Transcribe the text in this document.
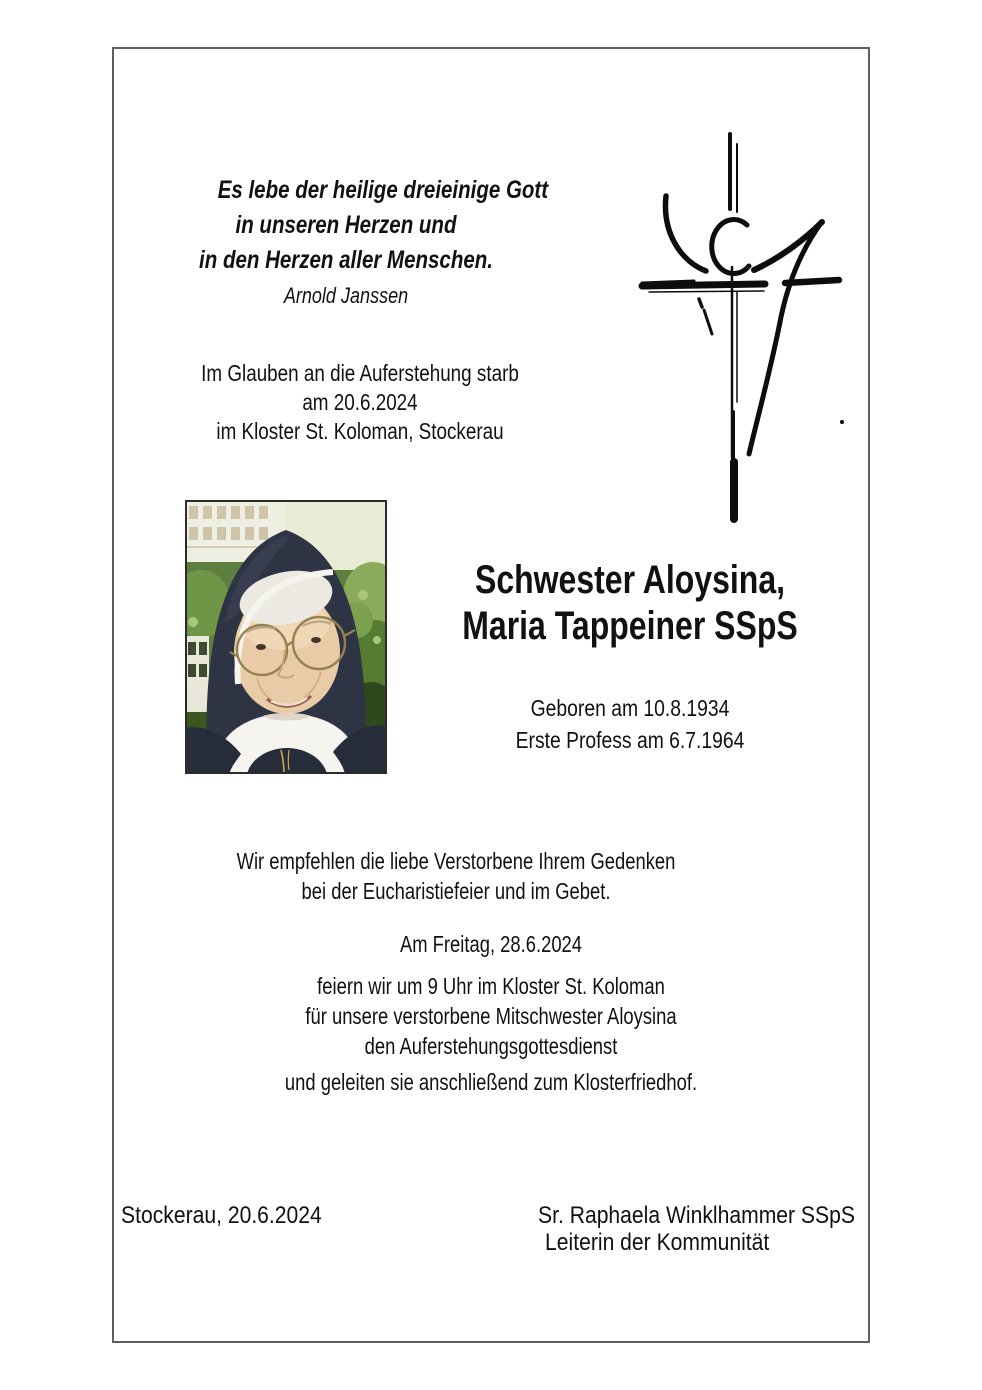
Es lebe der heilige dreieinige Gott
in unseren Herzen und
in den Herzen aller Menschen.
Arnold Janssen
Im Glauben an die Auferstehung starb
am 20.6.2024
im Kloster St. Koloman, Stockerau
Schwester Aloysina,
Maria Tappeiner SSpS
Geboren am 10.8.1934
Erste Profess am 6.7.1964
Wir empfehlen die liebe Verstorbene Ihrem Gedenken
bei der Eucharistiefeier und im Gebet.
Am Freitag, 28.6.2024
feiern wir um 9 Uhr im Kloster St. Koloman
für unsere verstorbene Mitschwester Aloysina
den Auferstehungsgottesdienst
und geleiten sie anschließend zum Klosterfriedhof.
Stockerau, 20.6.2024	Sr. Raphaela Winklhammer SSpS
Leiterin der Kommunität
